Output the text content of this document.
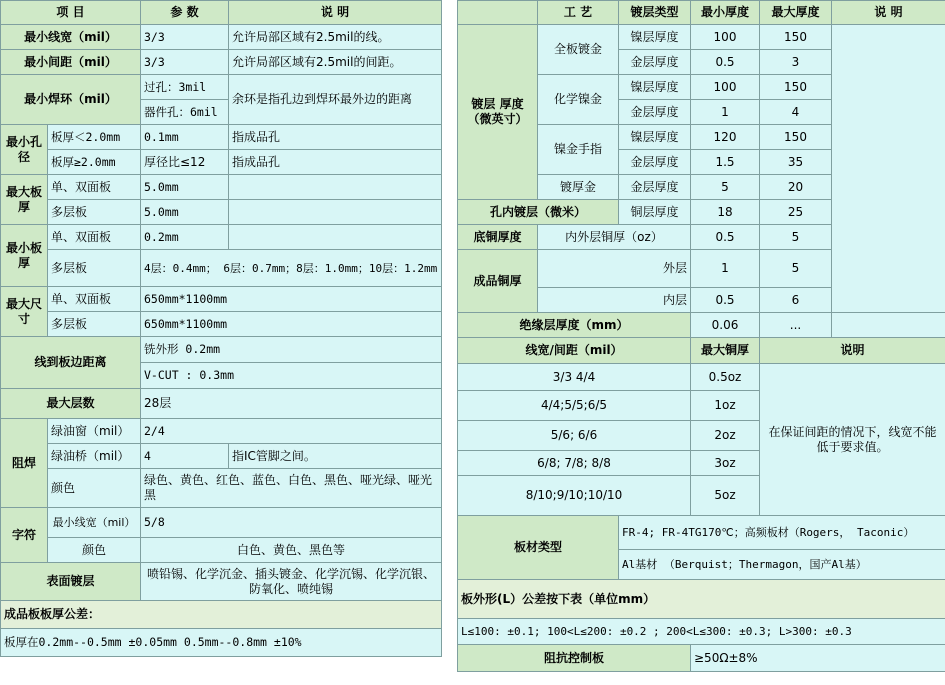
项 目		参 数	说 明
最小线宽（mil）		3/3	允许局部区域有2.5mil的线。
最小间距（mil）		3/3	允许局部区域有2.5mil的间距。
最小焊环（mil）		过孔：3mil	余环是指孔边到焊环最外边的距离
		器件孔：6mil	
最小孔径	板厚＜2.0mm	0.1mm	指成品孔
	板厚≥2.0mm	厚径比≤12	指成品孔
最大板厚	单、双面板	5.0mm	
	多层板	5.0mm	
最小板厚	单、双面板	0.2mm	
	多层板	4层：0.4mm； 6层：0.7mm；8层：1.0mm；10层：1.2mm	
最大尺寸	单、双面板	650mm*1100mm	
	多层板	650mm*1100mm	
线到板边距离		铣外形 0.2mm	
		V-CUT : 0.3mm	
最大层数		28层	
阻焊	绿油窗（mil）	2/4	
	绿油桥（mil）	4	指IC管脚之间。
	颜色	绿色、黄色、红色、蓝色、白色、黑色、哑光绿、哑光黑	
字符	最小线宽（mil）	5/8	
	颜色	白色、黄色、黑色等	
表面镀层		喷铅锡、化学沉金、插头镀金、化学沉锡、化学沉银、防氧化、喷纯锡	
成品板板厚公差：			
板厚在0.2mm--0.5mm ±0.05mm 0.5mm--0.8mm ±10%			
	工 艺	镀层类型	最小厚度	最大厚度	说 明
镀层 厚度（微英寸）	全板镀金	镍层厚度	100	150	
		金层厚度	0.5	3	
	化学镍金	镍层厚度	100	150	
		金层厚度	1	4	
	镍金手指	镍层厚度	120	150	
		金层厚度	1.5	35	
	镀厚金	金层厚度	5	20	
孔内镀层（微米）		铜层厚度	18	25	
底铜厚度	内外层铜厚（oz）		0.5	5	
成品铜厚	外层		1	5	
	内层		0.5	6	
绝缘层厚度（mm）			0.06	...	
线宽/间距（mil）			最大铜厚	说明	
3/3 4/4			0.5oz	在保证间距的情况下，线宽不能低于要求值。	
4/4;5/5;6/5			1oz		
5/6; 6/6			2oz		
6/8; 7/8; 8/8			3oz		
8/10;9/10;10/10			5oz		
板材类型		FR-4; FR-4TG170℃；高频板材（Rogers， Taconic）			
		Al基材 （Berquist；Thermagon，国产Al基）			
板外形(L）公差按下表（单位mm）					
L≤100: ±0.1; 100<L≤200: ±0.2 ; 200<L≤300: ±0.3; L>300: ±0.3					
阻抗控制板			≥50Ω±8%		
